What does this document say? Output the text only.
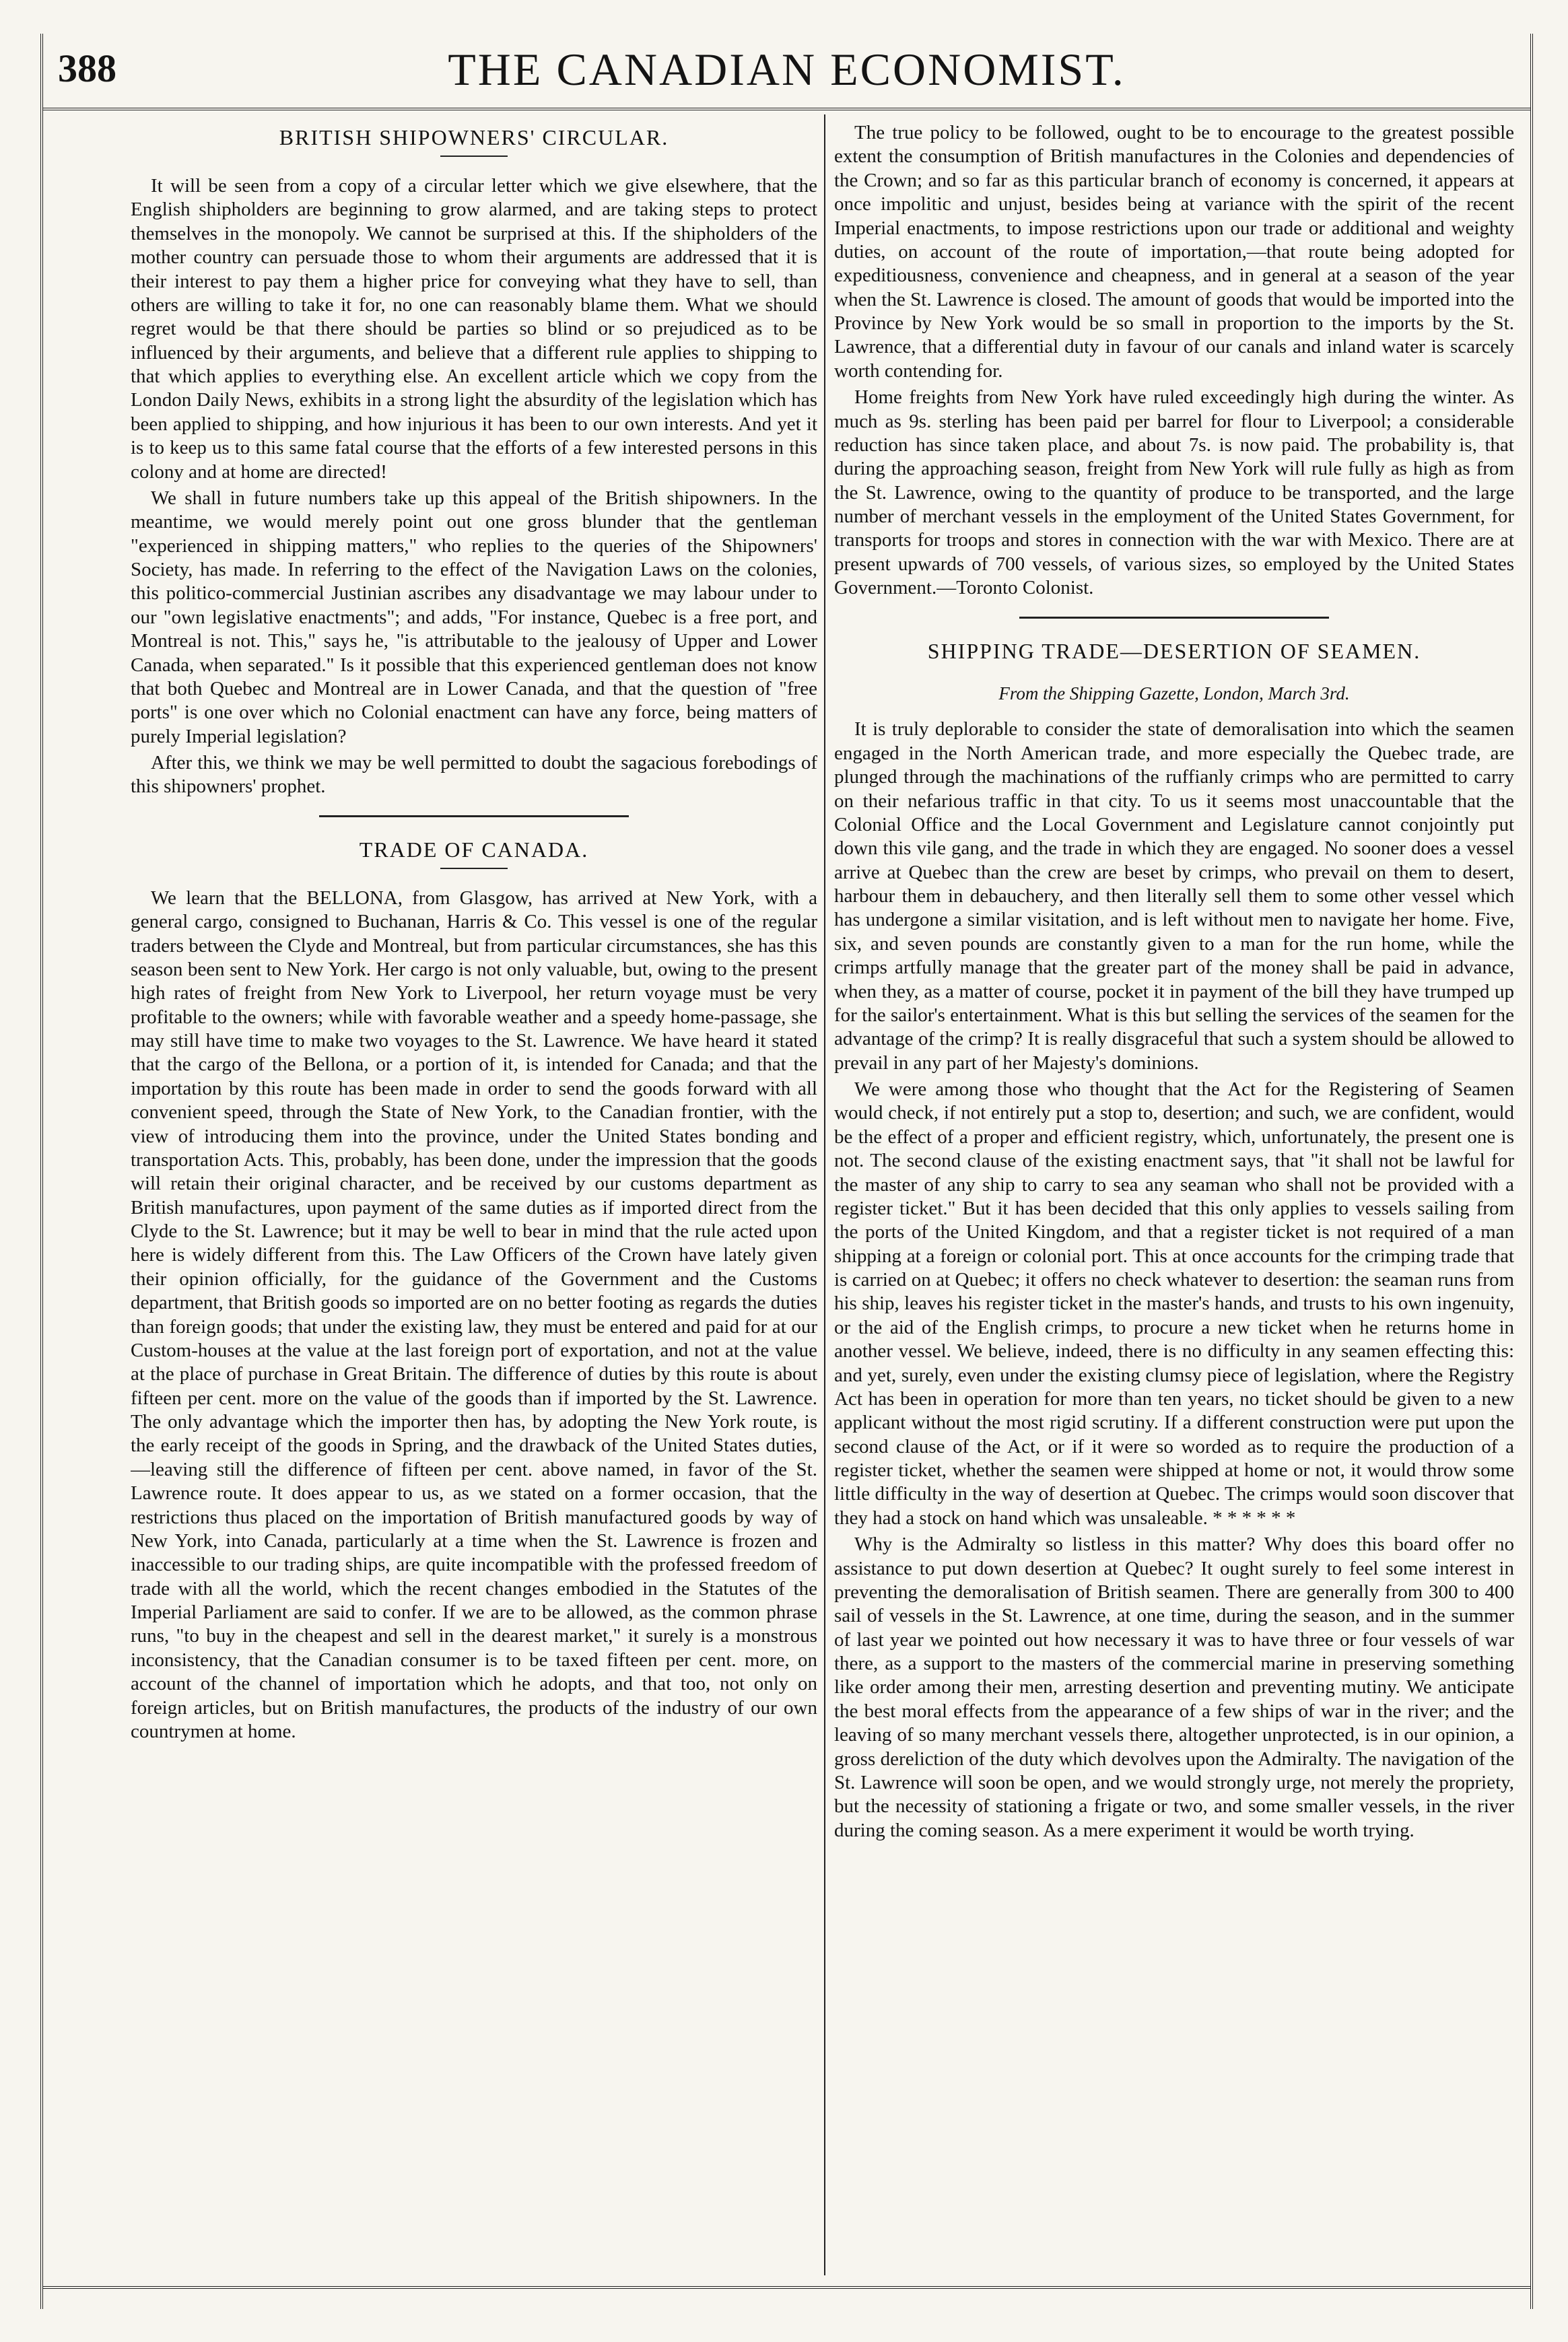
388	THE CANADIAN ECONOMIST.
BRITISH SHIPOWNERS' CIRCULAR.

It will be seen from a copy of a circular letter which we give elsewhere, that the English shipholders are beginning to grow alarmed, and are taking steps to protect themselves in the monopoly. We cannot be surprised at this. If the shipholders of the mother country can persuade those to whom their arguments are addressed that it is their interest to pay them a higher price for conveying what they have to sell, than others are willing to take it for, no one can reasonably blame them. What we should regret would be that there should be parties so blind or so prejudiced as to be influenced by their arguments, and believe that a different rule applies to shipping to that which applies to everything else. An excellent article which we copy from the London Daily News, exhibits in a strong light the absurdity of the legislation which has been applied to shipping, and how injurious it has been to our own interests. And yet it is to keep us to this same fatal course that the efforts of a few interested persons in this colony and at home are directed!

We shall in future numbers take up this appeal of the British shipowners. In the meantime, we would merely point out one gross blunder that the gentleman "experienced in shipping matters," who replies to the queries of the Shipowners' Society, has made. In referring to the effect of the Navigation Laws on the colonies, this politico-commercial Justinian ascribes any disadvantage we may labour under to our "own legislative enactments"; and adds, "For instance, Quebec is a free port, and Montreal is not. This," says he, "is attributable to the jealousy of Upper and Lower Canada, when separated." Is it possible that this experienced gentleman does not know that both Quebec and Montreal are in Lower Canada, and that the question of "free ports" is one over which no Colonial enactment can have any force, being matters of purely Imperial legislation?

After this, we think we may be well permitted to doubt the sagacious forebodings of this shipowners' prophet.

TRADE OF CANADA.

We learn that the BELLONA, from Glasgow, has arrived at New York, with a general cargo, consigned to Buchanan, Harris & Co. This vessel is one of the regular traders between the Clyde and Montreal, but from particular circumstances, she has this season been sent to New York. Her cargo is not only valuable, but, owing to the present high rates of freight from New York to Liverpool, her return voyage must be very profitable to the owners; while with favorable weather and a speedy home-passage, she may still have time to make two voyages to the St. Lawrence. We have heard it stated that the cargo of the Bellona, or a portion of it, is intended for Canada; and that the importation by this route has been made in order to send the goods forward with all convenient speed, through the State of New York, to the Canadian frontier, with the view of introducing them into the province, under the United States bonding and transportation Acts. This, probably, has been done, under the impression that the goods will retain their original character, and be received by our customs department as British manufactures, upon payment of the same duties as if imported direct from the Clyde to the St. Lawrence; but it may be well to bear in mind that the rule acted upon here is widely different from this. The Law Officers of the Crown have lately given their opinion officially, for the guidance of the Government and the Customs department, that British goods so imported are on no better footing as regards the duties than foreign goods; that under the existing law, they must be entered and paid for at our Custom-houses at the value at the last foreign port of exportation, and not at the value at the place of purchase in Great Britain. The difference of duties by this route is about fifteen per cent. more on the value of the goods than if imported by the St. Lawrence. The only advantage which the importer then has, by adopting the New York route, is the early receipt of the goods in Spring, and the drawback of the United States duties,—leaving still the difference of fifteen per cent. above named, in favor of the St. Lawrence route. It does appear to us, as we stated on a former occasion, that the restrictions thus placed on the importation of British manufactured goods by way of New York, into Canada, particularly at a time when the St. Lawrence is frozen and inaccessible to our trading ships, are quite incompatible with the professed freedom of trade with all the world, which the recent changes embodied in the Statutes of the Imperial Parliament are said to confer. If we are to be allowed, as the common phrase runs, "to buy in the cheapest and sell in the dearest market," it surely is a monstrous inconsistency, that the Canadian consumer is to be taxed fifteen per cent. more, on account of the channel of importation which he adopts, and that too, not only on foreign articles, but on British manufactures, the products of the industry of our own countrymen at home.

The true policy to be followed, ought to be to encourage to the greatest possible extent the consumption of British manufactures in the Colonies and dependencies of the Crown; and so far as this particular branch of economy is concerned, it appears at once impolitic and unjust, besides being at variance with the spirit of the recent Imperial enactments, to impose restrictions upon our trade or additional and weighty duties, on account of the route of importation,—that route being adopted for expeditiousness, convenience and cheapness, and in general at a season of the year when the St. Lawrence is closed. The amount of goods that would be imported into the Province by New York would be so small in proportion to the imports by the St. Lawrence, that a differential duty in favour of our canals and inland water is scarcely worth contending for.

Home freights from New York have ruled exceedingly high during the winter. As much as 9s. sterling has been paid per barrel for flour to Liverpool; a considerable reduction has since taken place, and about 7s. is now paid. The probability is, that during the approaching season, freight from New York will rule fully as high as from the St. Lawrence, owing to the quantity of produce to be transported, and the large number of merchant vessels in the employment of the United States Government, for transports for troops and stores in connection with the war with Mexico. There are at present upwards of 700 vessels, of various sizes, so employed by the United States Government.—Toronto Colonist.

SHIPPING TRADE—DESERTION OF SEAMEN.

From the Shipping Gazette, London, March 3rd.

It is truly deplorable to consider the state of demoralisation into which the seamen engaged in the North American trade, and more especially the Quebec trade, are plunged through the machinations of the ruffianly crimps who are permitted to carry on their nefarious traffic in that city. To us it seems most unaccountable that the Colonial Office and the Local Government and Legislature cannot conjointly put down this vile gang, and the trade in which they are engaged. No sooner does a vessel arrive at Quebec than the crew are beset by crimps, who prevail on them to desert, harbour them in debauchery, and then literally sell them to some other vessel which has undergone a similar visitation, and is left without men to navigate her home. Five, six, and seven pounds are constantly given to a man for the run home, while the crimps artfully manage that the greater part of the money shall be paid in advance, when they, as a matter of course, pocket it in payment of the bill they have trumped up for the sailor's entertainment. What is this but selling the services of the seamen for the advantage of the crimp? It is really disgraceful that such a system should be allowed to prevail in any part of her Majesty's dominions.

We were among those who thought that the Act for the Registering of Seamen would check, if not entirely put a stop to, desertion; and such, we are confident, would be the effect of a proper and efficient registry, which, unfortunately, the present one is not. The second clause of the existing enactment says, that "it shall not be lawful for the master of any ship to carry to sea any seaman who shall not be provided with a register ticket." But it has been decided that this only applies to vessels sailing from the ports of the United Kingdom, and that a register ticket is not required of a man shipping at a foreign or colonial port. This at once accounts for the crimping trade that is carried on at Quebec; it offers no check whatever to desertion: the seaman runs from his ship, leaves his register ticket in the master's hands, and trusts to his own ingenuity, or the aid of the English crimps, to procure a new ticket when he returns home in another vessel. We believe, indeed, there is no difficulty in any seamen effecting this: and yet, surely, even under the existing clumsy piece of legislation, where the Registry Act has been in operation for more than ten years, no ticket should be given to a new applicant without the most rigid scrutiny. If a different construction were put upon the second clause of the Act, or if it were so worded as to require the production of a register ticket, whether the seamen were shipped at home or not, it would throw some little difficulty in the way of desertion at Quebec. The crimps would soon discover that they had a stock on hand which was unsaleable. * * * * * *

Why is the Admiralty so listless in this matter? Why does this board offer no assistance to put down desertion at Quebec? It ought surely to feel some interest in preventing the demoralisation of British seamen. There are generally from 300 to 400 sail of vessels in the St. Lawrence, at one time, during the season, and in the summer of last year we pointed out how necessary it was to have three or four vessels of war there, as a support to the masters of the commercial marine in preserving something like order among their men, arresting desertion and preventing mutiny. We anticipate the best moral effects from the appearance of a few ships of war in the river; and the leaving of so many merchant vessels there, altogether unprotected, is in our opinion, a gross dereliction of the duty which devolves upon the Admiralty. The navigation of the St. Lawrence will soon be open, and we would strongly urge, not merely the propriety, but the necessity of stationing a frigate or two, and some smaller vessels, in the river during the coming season. As a mere experiment it would be worth trying.
